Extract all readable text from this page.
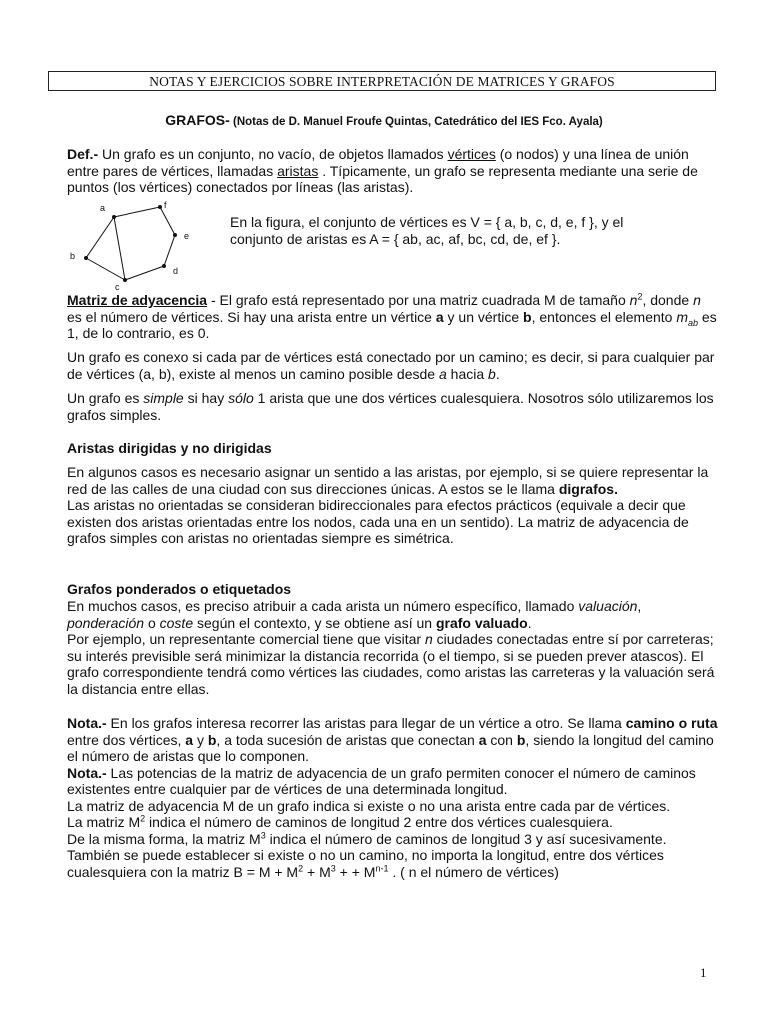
NOTAS Y EJERCICIOS SOBRE INTERPRETACIÓN DE MATRICES Y GRAFOS
GRAFOS- (Notas de D. Manuel Froufe Quintas, Catedrático del IES Fco. Ayala)

Def.- Un grafo es un conjunto, no vacío, de objetos llamados vértices (o nodos) y una línea de unión entre pares de vértices, llamadas aristas . Típicamente, un grafo se representa mediante una serie de puntos (los vértices) conectados por líneas (las aristas).

a
b
c
d
e
f
En la figura, el conjunto de vértices es V = { a, b, c, d, e, f }, y el
conjunto de aristas es A = { ab, ac, af, bc, cd, de, ef }.

Matriz de adyacencia - El grafo está representado por una matriz cuadrada M de tamaño $n^2$, donde n es el número de vértices. Si hay una arista entre un vértice a y un vértice b, entonces el elemento $m_{ab}$ es 1, de lo contrario, es 0.

Un grafo es conexo si cada par de vértices está conectado por un camino; es decir, si para cualquier par de vértices (a, b), existe al menos un camino posible desde a hacia b.

Un grafo es simple si hay sólo 1 arista que une dos vértices cualesquiera. Nosotros sólo utilizaremos los grafos simples.

Aristas dirigidas y no dirigidas

En algunos casos es necesario asignar un sentido a las aristas, por ejemplo, si se quiere representar la red de las calles de una ciudad con sus direcciones únicas. A estos se le llama digrafos.
Las aristas no orientadas se consideran bidireccionales para efectos prácticos (equivale a decir que existen dos aristas orientadas entre los nodos, cada una en un sentido). La matriz de adyacencia de grafos simples con aristas no orientadas siempre es simétrica.

Grafos ponderados o etiquetados

En muchos casos, es preciso atribuir a cada arista un número específico, llamado valuación, ponderación o coste según el contexto, y se obtiene así un grafo valuado.
Por ejemplo, un representante comercial tiene que visitar n ciudades conectadas entre sí por carreteras; su interés previsible será minimizar la distancia recorrida (o el tiempo, si se pueden prever atascos). El grafo correspondiente tendrá como vértices las ciudades, como aristas las carreteras y la valuación será la distancia entre ellas.

Nota.- En los grafos interesa recorrer las aristas para llegar de un vértice a otro. Se llama camino o ruta entre dos vértices, a y b, a toda sucesión de aristas que conectan a con b, siendo la longitud del camino el número de aristas que lo componen.
Nota.- Las potencias de la matriz de adyacencia de un grafo permiten conocer el número de caminos existentes entre cualquier par de vértices de una determinada longitud.
La matriz de adyacencia M de un grafo indica si existe o no una arista entre cada par de vértices.
La matriz $M^2$ indica el número de caminos de longitud 2 entre dos vértices cualesquiera.
De la misma forma, la matriz $M^3$ indica el número de caminos de longitud 3 y así sucesivamente.
También se puede establecer si existe o no un camino, no importa la longitud, entre dos vértices cualesquiera con la matriz $B = M + M^2 + M^3$ + + $M^{n-1}$ . ( n el número de vértices)

1
